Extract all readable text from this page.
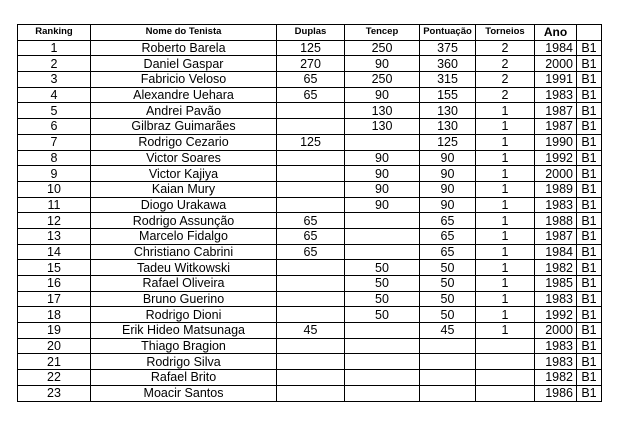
Ranking	Nome do Tenista	Duplas	Tencep	Pontuação	Torneios	Ano	
1	Roberto Barela	125	250	375	2	1984	B1
2	Daniel Gaspar	270	90	360	2	2000	B1
3	Fabricio Veloso	65	250	315	2	1991	B1
4	Alexandre Uehara	65	90	155	2	1983	B1
5	Andrei Pavão		130	130	1	1987	B1
6	Gilbraz Guimarães		130	130	1	1987	B1
7	Rodrigo Cezario	125		125	1	1990	B1
8	Victor Soares		90	90	1	1992	B1
9	Victor Kajiya		90	90	1	2000	B1
10	Kaian Mury		90	90	1	1989	B1
11	Diogo Urakawa		90	90	1	1983	B1
12	Rodrigo Assunção	65		65	1	1988	B1
13	Marcelo Fidalgo	65		65	1	1987	B1
14	Christiano Cabrini	65		65	1	1984	B1
15	Tadeu Witkowski		50	50	1	1982	B1
16	Rafael Oliveira		50	50	1	1985	B1
17	Bruno Guerino		50	50	1	1983	B1
18	Rodrigo Dioni		50	50	1	1992	B1
19	Erik Hideo Matsunaga	45		45	1	2000	B1
20	Thiago Bragion					1983	B1
21	Rodrigo Silva					1983	B1
22	Rafael Brito					1982	B1
23	Moacir Santos					1986	B1
